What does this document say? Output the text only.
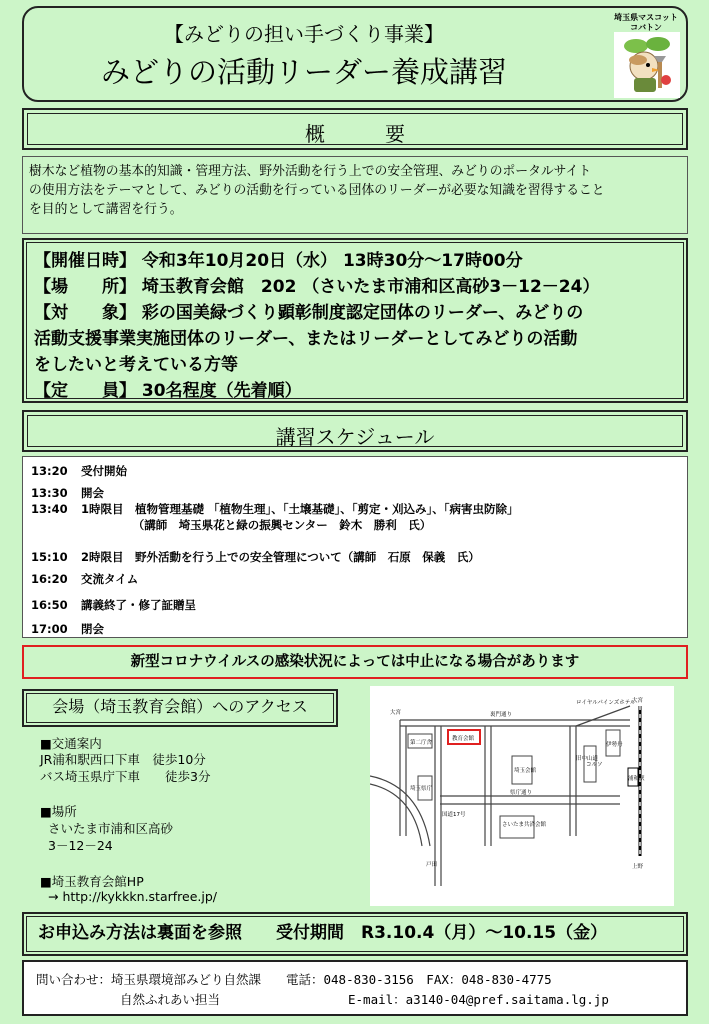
【みどりの担い手づくり事業】
みどりの活動リーダー養成講習
埼玉県マスコット
コバトン
概要
樹木など植物の基本的知識・管理方法、野外活動を行う上での安全管理、みどりのポータルサイト
の使用方法をテーマとして、みどりの活動を行っている団体のリーダーが必要な知識を習得すること
を目的として講習を行う。
【開催日時】 令和3年10月20日（水） 13時30分～17時00分
【場　　所】 埼玉教育会館　202 （さいたま市浦和区高砂3－12－24）
【対　　象】 彩の国美緑づくり顕彰制度認定団体のリーダー、みどりの
活動支援事業実施団体のリーダー、またはリーダーとしてみどりの活動
をしたいと考えている方等
【定　　員】 30名程度（先着順）
講習スケジュール
13:20 受付開始
13:30 開会
13:40 1時限目　植物管理基礎 「植物生理」、「土壌基礎」、「剪定・刈込み」、「病害虫防除」
　　　　　（講師　埼玉県花と緑の振興センター　鈴木　勝利　氏）
15:10 2時限目　野外活動を行う上での安全管理について（講師　石原　保義　氏）
16:20 交流タイム
16:50 講義終了・修了証贈呈
17:00 閉会
新型コロナウイルスの感染状況によっては中止になる場合があります
会場（埼玉教育会館）へのアクセス
■交通案内
JR浦和駅西口下車　徒歩10分
バス埼玉県庁下車　　徒歩3分
■場所
さいたま市浦和区高砂
3－12－24
■埼玉教育会館HP
→ http://kykkkn.starfree.jp/
裏門通り
第二庁舎
教育会館
埼玉会館
県庁通り
さいたま共済会館
埼玉県庁
浦和駅
旧中山道
コルソ
伊勢丹
ロイヤルパインズホテル
大宮
上野
戸田
大宮
国道17号
お申込み方法は裏面を参照　　受付期間　R3.10.4（月）～10.15（金）
問い合わせ：埼玉県環境部みどり自然課　　電話：048-830-3156　FAX：048-830-4775
自然ふれあい担当	E-mail：a3140-04@pref.saitama.lg.jp
